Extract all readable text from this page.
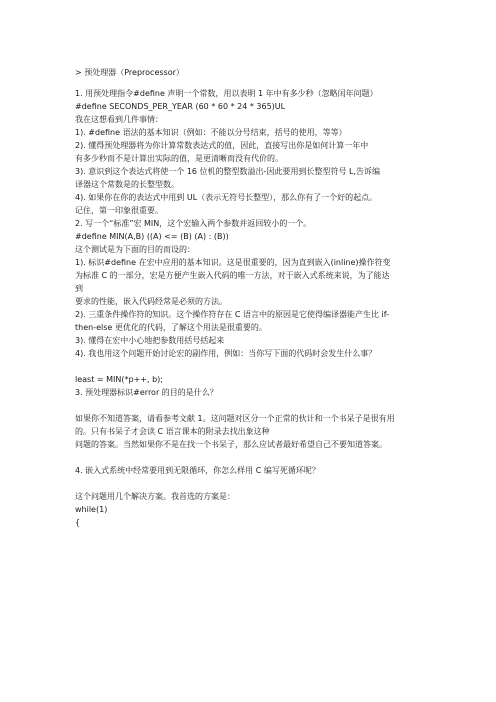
> 预处理器（Preprocessor）
1. 用预处理指令#define 声明一个常数，用以表明 1 年中有多少秒（忽略闰年问题）
#define SECONDS_PER_YEAR (60 * 60 * 24 * 365)UL
我在这想看到几件事情：
1). #define 语法的基本知识（例如：不能以分号结束，括号的使用，等等）
2). 懂得预处理器将为你计算常数表达式的值，因此，直接写出你是如何计算一年中
有多少秒而不是计算出实际的值，是更清晰而没有代价的。
3). 意识到这个表达式将使一个 16 位机的整型数溢出-因此要用到长整型符号 L,告诉编
译器这个常数是的长整型数。
4). 如果你在你的表达式中用到 UL（表示无符号长整型），那么你有了一个好的起点。
记住，第一印象很重要。
2. 写一个“标准”宏 MIN，这个宏输入两个参数并返回较小的一个。
#define MIN(A,B) ((A) <= (B) (A) : (B))
这个测试是为下面的目的而设的：
1). 标识#define 在宏中应用的基本知识。这是很重要的，因为直到嵌入(inline)操作符变
为标准 C 的一部分，宏是方便产生嵌入代码的唯一方法，对于嵌入式系统来说，为了能达
到
要求的性能，嵌入代码经常是必须的方法。
2). 三重条件操作符的知识。这个操作符存在 C 语言中的原因是它使得编译器能产生比 if-
then-else 更优化的代码，了解这个用法是很重要的。
3). 懂得在宏中小心地把参数用括号括起来
4). 我也用这个问题开始讨论宏的副作用，例如：当你写下面的代码时会发生什么事？
least = MIN(*p++, b);
3. 预处理器标识#error 的目的是什么？
如果你不知道答案，请看参考文献 1。这问题对区分一个正常的伙计和一个书呆子是很有用
的。只有书呆子才会读 C 语言课本的附录去找出象这种
问题的答案。当然如果你不是在找一个书呆子，那么应试者最好希望自己不要知道答案。
4. 嵌入式系统中经常要用到无限循环，你怎么样用 C 编写死循环呢？
这个问题用几个解决方案。我首选的方案是：
while(1)
{
